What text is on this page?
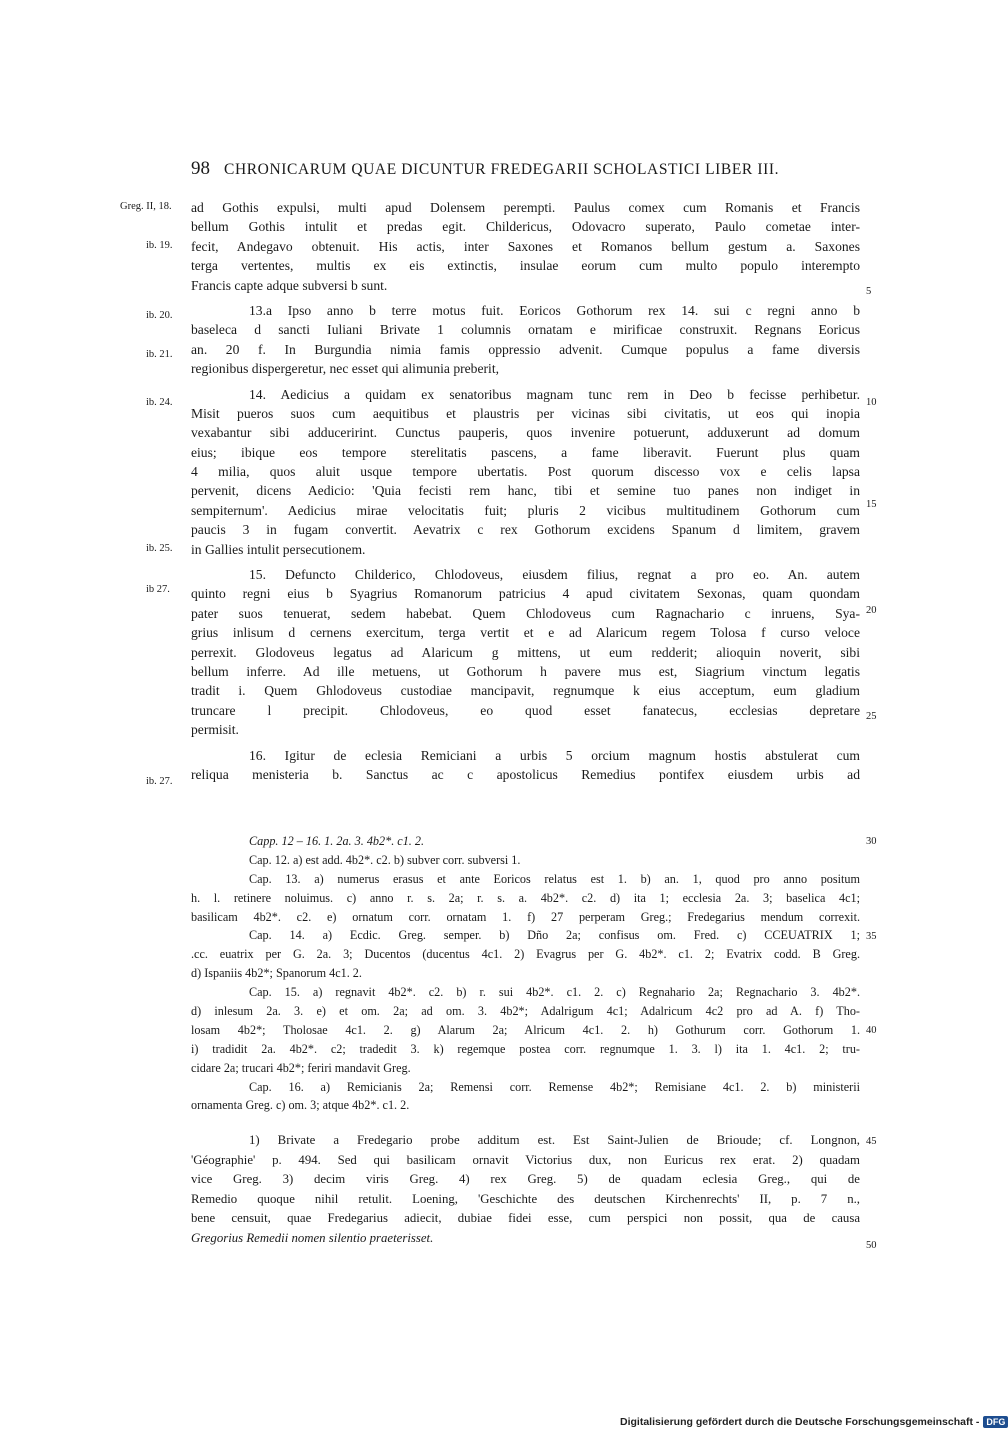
98 CHRONICARUM QUAE DICUNTUR FREDEGARII SCHOLASTICI LIBER III.
Greg. II, 18.
ib. 19.
ib. 20.
ib. 21.
ib. 24.
ib. 25.
ib 27.
ib. 27.
5
10
15
20
25
30
35
40
45
50
ad Gothis expulsi, multi apud Dolensem perempti. Paulus comex cum Romanis et Francis
bellum Gothis intulit et predas egit. Childericus, Odovacro superato, Paulo cometae inter-
fecit, Andegavo obtenuit. His actis, inter Saxones et Romanos bellum gestum a. Saxones
terga vertentes, multis ex eis extinctis, insulae eorum cum multo populo interempto
Francis capte adque subversi b sunt.
13.a Ipso anno b terre motus fuit. Eoricos Gothorum rex 14. sui c regni anno b
baseleca d sancti Iuliani Brivate 1 columnis ornatam e mirificae construxit. Regnans Eoricus
an. 20 f. In Burgundia nimia famis oppressio advenit. Cumque populus a fame diversis
regionibus dispergeretur, nec esset qui alimunia preberit,
14. Aedicius a quidam ex senatoribus magnam tunc rem in Deo b fecisse perhibetur.
Misit pueros suos cum aequitibus et plaustris per vicinas sibi civitatis, ut eos qui inopia
vexabantur sibi adducerirint. Cunctus pauperis, quos invenire potuerunt, adduxerunt ad domum
eius; ibique eos tempore sterelitatis pascens, a fame liberavit. Fuerunt plus quam
4 milia, quos aluit usque tempore ubertatis. Post quorum discesso vox e celis lapsa
pervenit, dicens Aedicio: 'Quia fecisti rem hanc, tibi et semine tuo panes non indiget in
sempiternum'. Aedicius mirae velocitatis fuit; pluris 2 vicibus multitudinem Gothorum cum
paucis 3 in fugam convertit. Aevatrix c rex Gothorum excidens Spanum d limitem, gravem
in Gallies intulit persecutionem.
15. Defuncto Childerico, Chlodoveus, eiusdem filius, regnat a pro eo. An. autem
quinto regni eius b Syagrius Romanorum patricius 4 apud civitatem Sexonas, quam quondam
pater suos tenuerat, sedem habebat. Quem Chlodoveus cum Ragnachario c inruens, Sya-
grius inlisum d cernens exercitum, terga vertit et e ad Alaricum regem Tolosa f curso veloce
perrexit. Glodoveus legatus ad Alaricum g mittens, ut eum redderit; alioquin noverit, sibi
bellum inferre. Ad ille metuens, ut Gothorum h pavere mus est, Siagrium vinctum legatis
tradit i. Quem Ghlodoveus custodiae mancipavit, regnumque k eius acceptum, eum gladium
truncare l precipit. Chlodoveus, eo quod esset fanatecus, ecclesias depretare
permisit.
16. Igitur de eclesia Remiciani a urbis 5 orcium magnum hostis abstulerat cum
reliqua menisteria b. Sanctus ac c apostolicus Remedius pontifex eiusdem urbis ad
Capp. 12 – 16. 1. 2a. 3. 4b2*. c1. 2.
Cap. 12. a) est add. 4b2*. c2. b) subver corr. subversi 1.
Cap. 13. a) numerus erasus et ante Eoricos relatus est 1. b) an. 1, quod pro anno positum
h. l. retinere noluimus. c) anno r. s. 2a; r. s. a. 4b2*. c2. d) ita 1; ecclesia 2a. 3; baselica 4c1;
basilicam 4b2*. c2. e) ornatum corr. ornatam 1. f) 27 perperam Greg.; Fredegarius mendum correxit.
Cap. 14. a) Ecdic. Greg. semper. b) Dño 2a; confisus om. Fred. c) CCEUATRIX 1;
.cc. euatrix per G. 2a. 3; Ducentos (ducentus 4c1. 2) Evagrus per G. 4b2*. c1. 2; Evatrix codd. B Greg.
d) Ispaniis 4b2*; Spanorum 4c1. 2.
Cap. 15. a) regnavit 4b2*. c2. b) r. sui 4b2*. c1. 2. c) Regnahario 2a; Regnachario 3. 4b2*.
d) inlesum 2a. 3. e) et om. 2a; ad om. 3. 4b2*; Adalrigum 4c1; Adalricum 4c2 pro ad A. f) Tho-
losam 4b2*; Tholosae 4c1. 2. g) Alarum 2a; Alricum 4c1. 2. h) Gothurum corr. Gothorum 1.
i) tradidit 2a. 4b2*. c2; tradedit 3. k) regemque postea corr. regnumque 1. 3. l) ita 1. 4c1. 2; tru-
cidare 2a; trucari 4b2*; feriri mandavit Greg.
Cap. 16. a) Remicianis 2a; Remensi corr. Remense 4b2*; Remisiane 4c1. 2. b) ministerii
ornamenta Greg. c) om. 3; atque 4b2*. c1. 2.
1) Brivate a Fredegario probe additum est. Est Saint-Julien de Brioude; cf. Longnon,
'Géographie' p. 494. Sed qui basilicam ornavit Victorius dux, non Euricus rex erat. 2) quadam
vice Greg. 3) decim viris Greg. 4) rex Greg. 5) de quadam eclesia Greg., qui de
Remedio quoque nihil retulit. Loening, 'Geschichte des deutschen Kirchenrechts' II, p. 7 n.,
bene censuit, quae Fredegarius adiecit, dubiae fidei esse, cum perspici non possit, qua de causa
Gregorius Remedii nomen silentio praeterisset.
Digitalisierung gefördert durch die Deutsche Forschungsgemeinschaft - DFG
